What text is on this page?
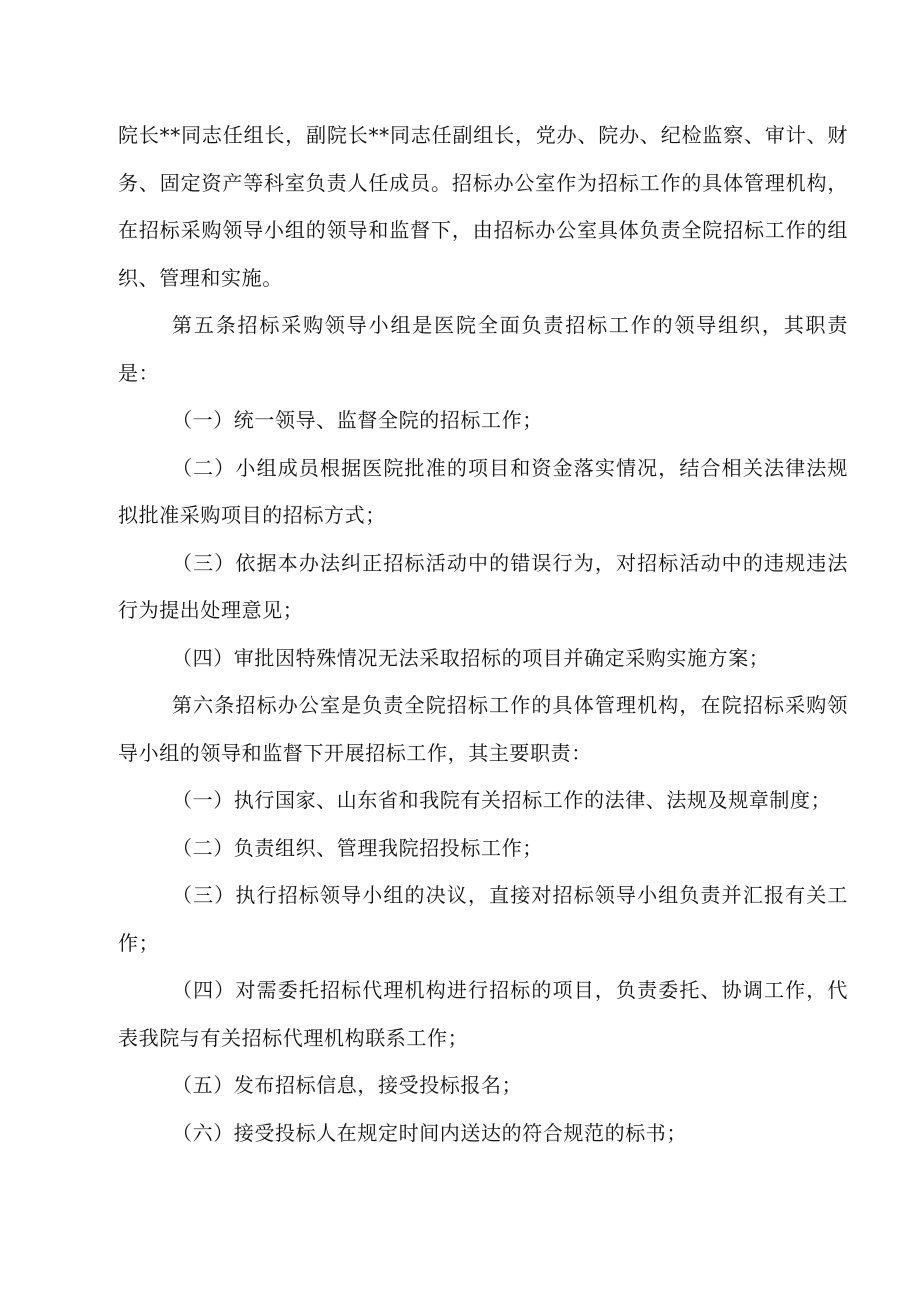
院长**同志任组长，副院长**同志任副组长，党办、院办、纪检监察、审计、财务、固定资产等科室负责人任成员。招标办公室作为招标工作的具体管理机构，在招标采购领导小组的领导和监督下，由招标办公室具体负责全院招标工作的组织、管理和实施。

第五条招标采购领导小组是医院全面负责招标工作的领导组织，其职责是：

（一）统一领导、监督全院的招标工作；

（二）小组成员根据医院批准的项目和资金落实情况，结合相关法律法规拟批准采购项目的招标方式；

（三）依据本办法纠正招标活动中的错误行为，对招标活动中的违规违法行为提出处理意见；

（四）审批因特殊情况无法采取招标的项目并确定采购实施方案；

第六条招标办公室是负责全院招标工作的具体管理机构，在院招标采购领导小组的领导和监督下开展招标工作，其主要职责：

（一）执行国家、山东省和我院有关招标工作的法律、法规及规章制度；

（二）负责组织、管理我院招投标工作；

（三）执行招标领导小组的决议，直接对招标领导小组负责并汇报有关工作；

（四）对需委托招标代理机构进行招标的项目，负责委托、协调工作，代表我院与有关招标代理机构联系工作；

（五）发布招标信息，接受投标报名；

（六）接受投标人在规定时间内送达的符合规范的标书；
